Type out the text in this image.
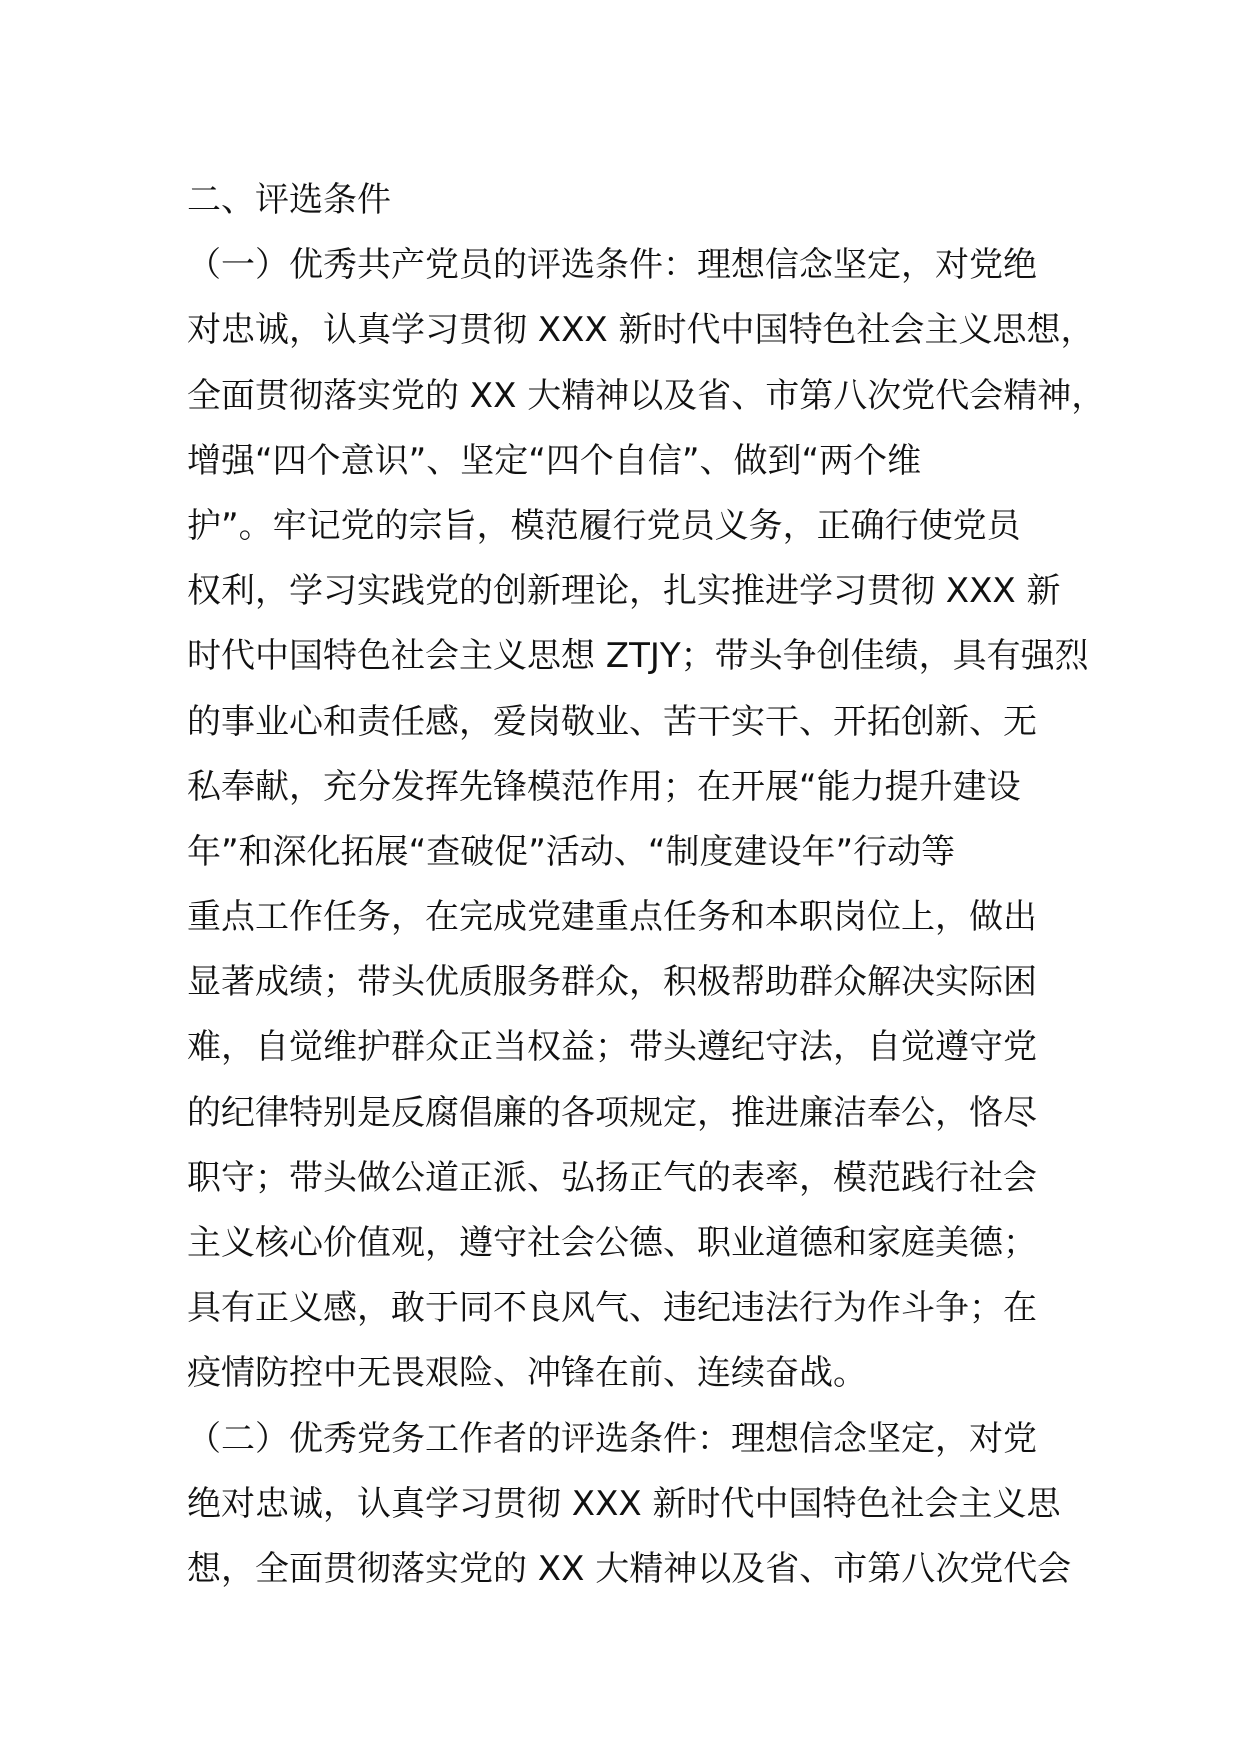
二、评选条件
（一）优秀共产党员的评选条件：理想信念坚定，对党绝
对忠诚，认真学习贯彻 XXX 新时代中国特色社会主义思想，
全面贯彻落实党的 XX 大精神以及省、市第八次党代会精神，
增强“四个意识”、坚定“四个自信”、做到“两个维
护”。牢记党的宗旨，模范履行党员义务，正确行使党员
权利，学习实践党的创新理论，扎实推进学习贯彻 XXX 新
时代中国特色社会主义思想 ZTJY；带头争创佳绩，具有强烈
的事业心和责任感，爱岗敬业、苦干实干、开拓创新、无
私奉献，充分发挥先锋模范作用；在开展“能力提升建设
年”和深化拓展“查破促”活动、“制度建设年”行动等
重点工作任务，在完成党建重点任务和本职岗位上，做出
显著成绩；带头优质服务群众，积极帮助群众解决实际困
难，自觉维护群众正当权益；带头遵纪守法，自觉遵守党
的纪律特别是反腐倡廉的各项规定，推进廉洁奉公，恪尽
职守；带头做公道正派、弘扬正气的表率，模范践行社会
主义核心价值观，遵守社会公德、职业道德和家庭美德；
具有正义感，敢于同不良风气、违纪违法行为作斗争；在
疫情防控中无畏艰险、冲锋在前、连续奋战。
（二）优秀党务工作者的评选条件：理想信念坚定，对党
绝对忠诚，认真学习贯彻 XXX 新时代中国特色社会主义思
想，全面贯彻落实党的 XX 大精神以及省、市第八次党代会
